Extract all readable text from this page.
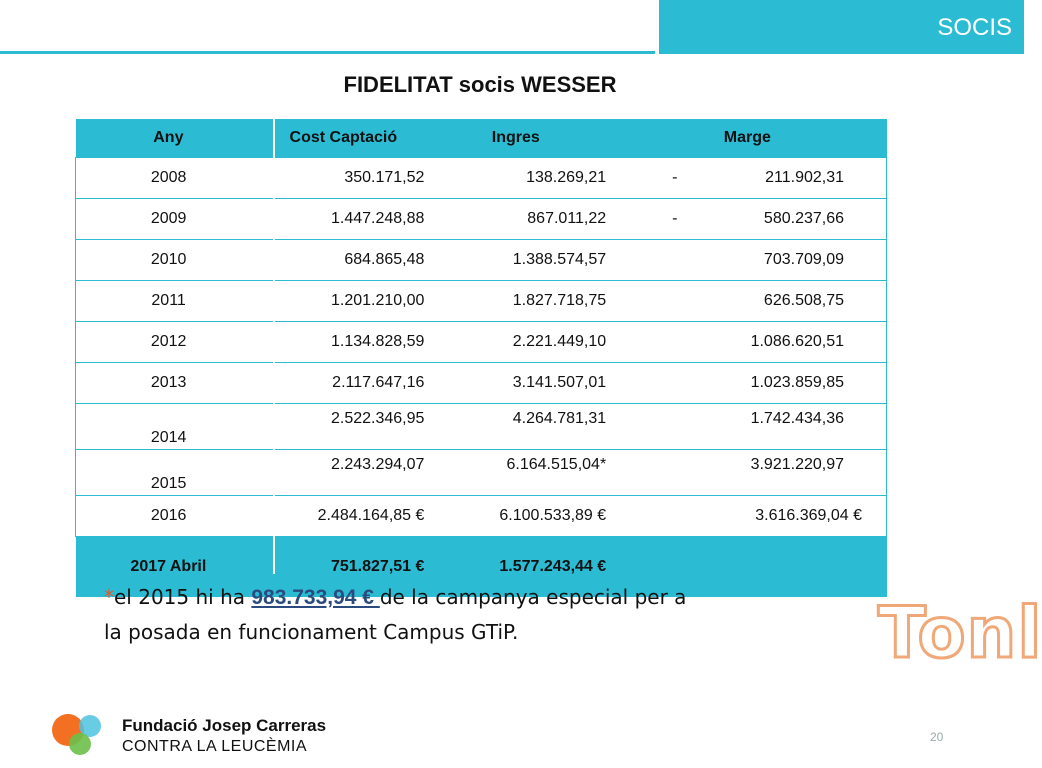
SOCIS
FIDELITAT socis WESSER
Any	Cost Captació	Ingres	Marge
2008	350.171,52	138.269,21	- 211.902,31
2009	1.447.248,88	867.011,22	- 580.237,66
2010	684.865,48	1.388.574,57	703.709,09
2011	1.201.210,00	1.827.718,75	626.508,75
2012	1.134.828,59	2.221.449,10	1.086.620,51
2013	2.117.647,16	3.141.507,01	1.023.859,85
2014	2.522.346,95	4.264.781,31	1.742.434,36
2015	2.243.294,07	6.164.515,04*	3.921.220,97
2016	2.484.164,85 €	6.100.533,89 €	3.616.369,04 €
2017 Abril	751.827,51 €	1.577.243,44 €	
*el 2015 hi ha 983.733,94 € de la campanya especial per a la posada en funcionament Campus GTiP.	Tonl
Fundació Josep Carreras
CONTRA LA LEUCÈMIA
20
